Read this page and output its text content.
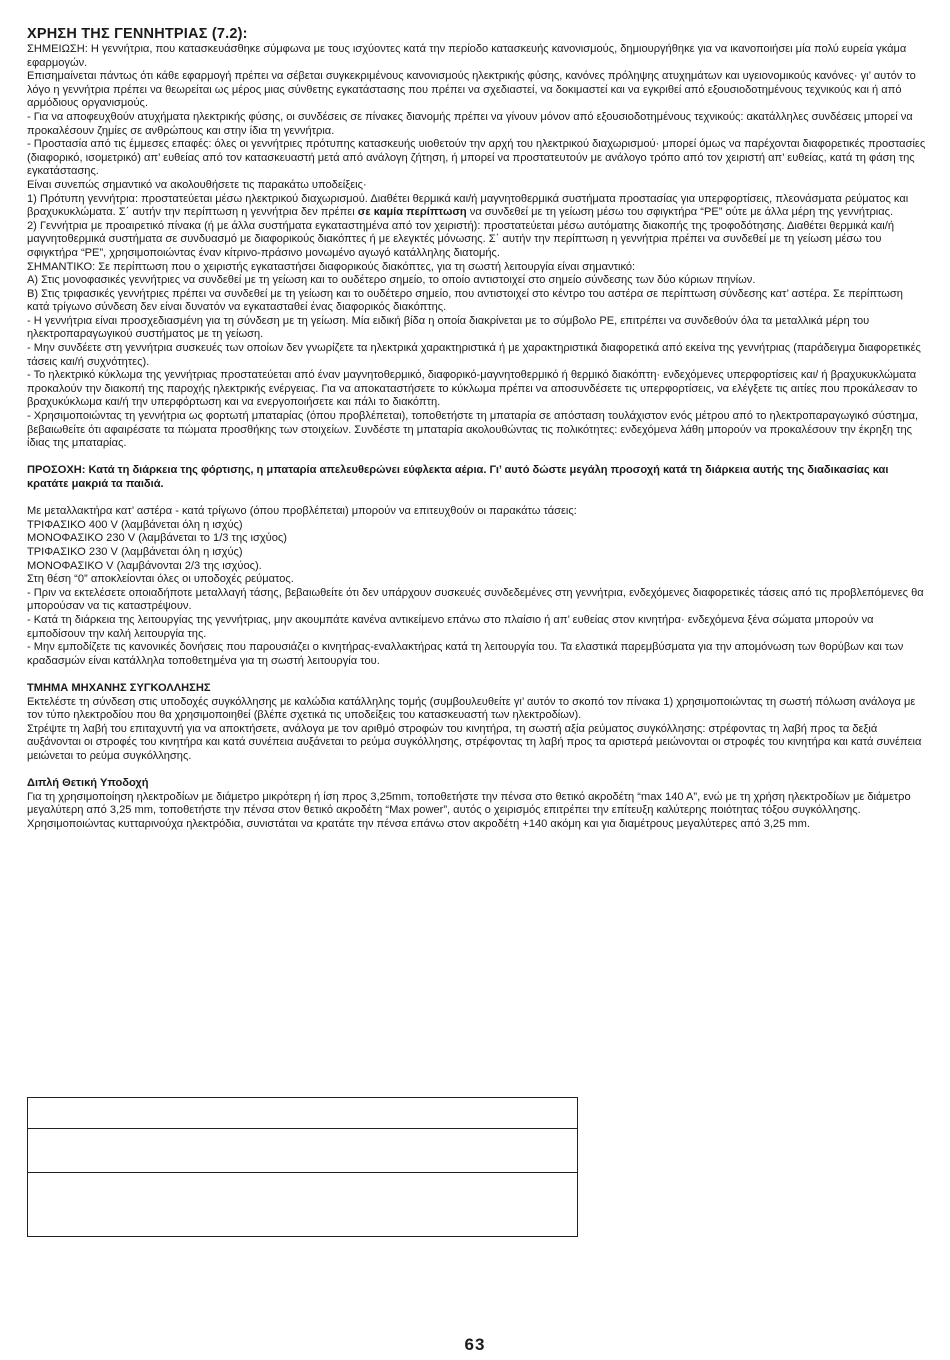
ΧΡΗΣΗ ΤΗΣ ΓΕΝΝΗΤΡΙΑΣ (7.2):

ΣΗΜΕΙΩΣΗ: Η γεννήτρια, που κατασκευάσθηκε σύμφωνα με τους ισχύοντες κατά την περίοδο κατασκευής κανονισμούς, δημιουργήθηκε για να ικανοποιήσει μία πολύ ευρεία γκάμα εφαρμογών.

Επισημαίνεται πάντως ότι κάθε εφαρμογή πρέπει να σέβεται συγκεκριμένους κανονισμούς ηλεκτρικής φύσης, κανόνες πρόληψης ατυχημάτων και υγειονομικούς κανόνες· γι’ αυτόν το λόγο η γεννήτρια πρέπει να θεωρείται ως μέρος μιας σύνθετης εγκατάστασης που πρέπει να σχεδιαστεί, να δοκιμαστεί και να εγκριθεί από εξουσιοδοτημένους τεχνικούς και ή από αρμόδιους οργανισμούς.

- Για να αποφευχθούν ατυχήματα ηλεκτρικής φύσης, οι συνδέσεις σε πίνακες διανομής πρέπει να γίνουν μόνον από εξουσιοδοτημένους τεχνικούς: ακατάλληλες συνδέσεις μπορεί να προκαλέσουν ζημίες σε ανθρώπους και στην ίδια τη γεννήτρια.

- Προστασία από τις έμμεσες επαφές: όλες οι γεννήτριες πρότυπης κατασκευής υιοθετούν την αρχή του ηλεκτρικού διαχωρισμού· μπορεί όμως να παρέχονται διαφορετικές προστασίες (διαφορικό, ισομετρικό) απ’ ευθείας από τον κατασκευαστή μετά από ανάλογη ζήτηση, ή μπορεί να προστατευτούν με ανάλογο τρόπο από τον χειριστή απ’ ευθείας, κατά τη φάση της εγκατάστασης.

Είναι συνεπώς σημαντικό να ακολουθήσετε τις παρακάτω υποδείξεις·

1) Πρότυπη γεννήτρια: προστατεύεται μέσω ηλεκτρικού διαχωρισμού. Διαθέτει θερμικά και/ή μαγνητοθερμικά συστήματα προστασίας για υπερφορτίσεις, πλεονάσματα ρεύματος και βραχυκυκλώματα. Σ΄ αυτήν την περίπτωση η γεννήτρια δεν πρέπει σε καμία περίπτωση να συνδεθεί με τη γείωση μέσω του σφιγκτήρα “PE” ούτε με άλλα μέρη της γεννήτριας.

2) Γεννήτρια με προαιρετικό πίνακα (ή με άλλα συστήματα εγκαταστημένα από τον χειριστή): προστατεύεται μέσω αυτόματης διακοπής της τροφοδότησης. Διαθέτει θερμικά και/ή μαγνητοθερμικά συστήματα σε συνδυασμό με διαφορικούς διακόπτες ή με ελεγκτές μόνωσης. Σ΄ αυτήν την περίπτωση η γεννήτρια πρέπει να συνδεθεί με τη γείωση μέσω του σφιγκτήρα “PE”, χρησιμοποιώντας έναν κίτρινο-πράσινο μονωμένο αγωγό κατάλληλης διατομής.

ΣΗΜΑΝΤΙΚΟ: Σε περίπτωση που ο χειριστής εγκαταστήσει διαφορικούς διακόπτες, για τη σωστή λειτουργία είναι σημαντικό:

A) Στις μονοφασικές γεννήτριες να συνδεθεί με τη γείωση και το ουδέτερο σημείο, το οποίο αντιστοιχεί στο σημείο σύνδεσης των δύο κύριων πηνίων.

B) Στις τριφασικές γεννήτριες πρέπει να συνδεθεί με τη γείωση και το ουδέτερο σημείο, που αντιστοιχεί στο κέντρο του αστέρα σε περίπτωση σύνδεσης κατ’ αστέρα. Σε περίπτωση κατά τρίγωνο σύνδεση δεν είναι δυνατόν να εγκατασταθεί ένας διαφορικός διακόπτης.

- Η γεννήτρια είναι προσχεδιασμένη για τη σύνδεση με τη γείωση. Μία ειδική βίδα η οποία διακρίνεται με το σύμβολο PE, επιτρέπει να συνδεθούν όλα τα μεταλλικά μέρη του ηλεκτροπαραγωγικού συστήματος με τη γείωση.

- Μην συνδέετε στη γεννήτρια συσκευές των οποίων δεν γνωρίζετε τα ηλεκτρικά χαρακτηριστικά ή με χαρακτηριστικά διαφορετικά από εκείνα της γεννήτριας (παράδειγμα διαφορετικές τάσεις και/ή συχνότητες).

- Το ηλεκτρικό κύκλωμα της γεννήτριας προστατεύεται από έναν μαγνητοθερμικό, διαφορικό-μαγνητοθερμικό ή θερμικό διακόπτη· ενδεχόμενες υπερφορτίσεις και/ ή βραχυκυκλώματα προκαλούν την διακοπή της παροχής ηλεκτρικής ενέργειας. Για να αποκαταστήσετε το κύκλωμα πρέπει να αποσυνδέσετε τις υπερφορτίσεις, να ελέγξετε τις αιτίες που προκάλεσαν το βραχυκύκλωμα και/ή την υπερφόρτωση και να ενεργοποιήσετε και πάλι το διακόπτη.

- Χρησιμοποιώντας τη γεννήτρια ως φορτωτή μπαταρίας (όπου προβλέπεται), τοποθετήστε τη μπαταρία σε απόσταση τουλάχιστον ενός μέτρου από το ηλεκτροπαραγωγικό σύστημα, βεβαιωθείτε ότι αφαιρέσατε τα πώματα προσθήκης των στοιχείων. Συνδέστε τη μπαταρία ακολουθώντας τις πολικότητες: ενδεχόμενα λάθη μπορούν να προκαλέσουν την έκρηξη της ίδιας της μπαταρίας.

ΠΡΟΣΟΧΗ: Κατά τη διάρκεια της φόρτισης, η μπαταρία απελευθερώνει εύφλεκτα αέρια. Γι’ αυτό δώστε μεγάλη προσοχή κατά τη διάρκεια αυτής της διαδικασίας και κρατάτε μακριά τα παιδιά.

Με μεταλλακτήρα κατ’ αστέρα - κατά τρίγωνο (όπου προβλέπεται) μπορούν να επιτευχθούν οι παρακάτω τάσεις:

ΤΡΙΦΑΣΙΚΟ 400 V (λαμβάνεται όλη η ισχύς)

ΜΟΝΟΦΑΣΙΚΟ 230 V (λαμβάνεται το 1/3 της ισχύος)

ΤΡΙΦΑΣΙΚΟ 230 V (λαμβάνεται όλη η ισχύς)

ΜΟΝΟΦΑΣΙΚΟ V (λαμβάνονται 2/3 της ισχύος).

Στη θέση “0” αποκλείονται όλες οι υποδοχές ρεύματος.

- Πριν να εκτελέσετε οποιαδήποτε μεταλλαγή τάσης, βεβαιωθείτε ότι δεν υπάρχουν συσκευές συνδεδεμένες στη γεννήτρια, ενδεχόμενες διαφορετικές τάσεις από τις προβλεπόμενες θα μπορούσαν να τις καταστρέψουν.

- Κατά τη διάρκεια της λειτουργίας της γεννήτριας, μην ακουμπάτε κανένα αντικείμενο επάνω στο πλαίσιο ή απ’ ευθείας στον κινητήρα· ενδεχόμενα ξένα σώματα μπορούν να εμποδίσουν την καλή λειτουργία της.

- Μην εμποδίζετε τις κανονικές δονήσεις που παρουσιάζει ο κινητήρας-εναλλακτήρας κατά τη λειτουργία του. Τα ελαστικά παρεμβύσματα για την απομόνωση των θορύβων και των κραδασμών είναι κατάλληλα τοποθετημένα για τη σωστή λειτουργία του.

ΤΜΗΜΑ ΜΗΧΑΝΗΣ ΣΥΓΚΟΛΛΗΣΗΣ

Εκτελέστε τη σύνδεση στις υποδοχές συγκόλλησης με καλώδια κατάλληλης τομής (συμβουλευθείτε γι’ αυτόν το σκοπό τον πίνακα 1) χρησιμοποιώντας τη σωστή πόλωση ανάλογα με τον τύπο ηλεκτροδίου που θα χρησιμοποιηθεί (βλέπε σχετικά τις υποδείξεις του κατασκευαστή των ηλεκτροδίων).

Στρέψτε τη λαβή του επιταχυντή για να αποκτήσετε, ανάλογα με τον αριθμό στροφών του κινητήρα, τη σωστή αξία ρεύματος συγκόλλησης: στρέφοντας τη λαβή προς τα δεξιά αυξάνονται οι στροφές του κινητήρα και κατά συνέπεια αυξάνεται το ρεύμα συγκόλλησης, στρέφοντας τη λαβή προς τα αριστερά μειώνονται οι στροφές του κινητήρα και κατά συνέπεια μειώνεται το ρεύμα συγκόλλησης.

Διπλή Θετική Υποδοχή

Για τη χρησιμοποίηση ηλεκτροδίων με διάμετρο μικρότερη ή ίση προς 3,25mm, τοποθετήστε την πένσα στο θετικό ακροδέτη “max 140 A”, ενώ με τη χρήση ηλεκτροδίων με διάμετρο μεγαλύτερη από 3,25 mm, τοποθετήστε την πένσα στον θετικό ακροδέτη “Max power”, αυτός ο χειρισμός επιτρέπει την επίτευξη καλύτερης ποιότητας τόξου συγκόλλησης. Χρησιμοποιώντας κυτταρινούχα ηλεκτρόδια, συνιστάται να κρατάτε την πένσα επάνω στον ακροδέτη +140 ακόμη και για διαμέτρους μεγαλύτερες από 3,25 mm.

63
